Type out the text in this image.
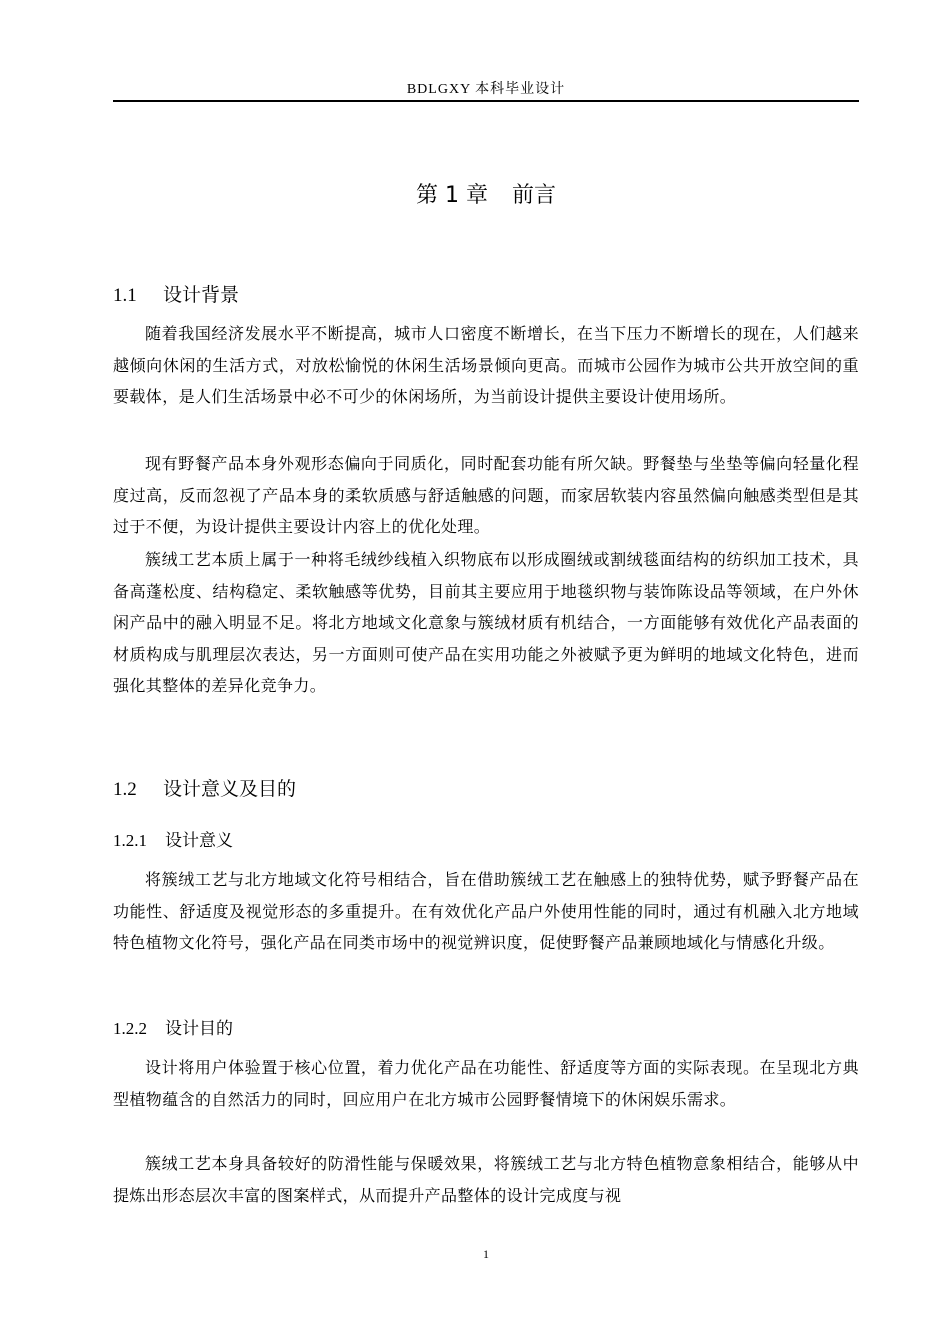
BDLGXY 本科毕业设计
第 1 章 前言
1.1 设计背景

随着我国经济发展水平不断提高，城市人口密度不断增长，在当下压力不断增长的现在，人们越来越倾向休闲的生活方式，对放松愉悦的休闲生活场景倾向更高。而城市公园作为城市公共开放空间的重要载体，是人们生活场景中必不可少的休闲场所，为当前设计提供主要设计使用场所。

现有野餐产品本身外观形态偏向于同质化，同时配套功能有所欠缺。野餐垫与坐垫等偏向轻量化程度过高，反而忽视了产品本身的柔软质感与舒适触感的问题，而家居软装内容虽然偏向触感类型但是其过于不便，为设计提供主要设计内容上的优化处理。

簇绒工艺本质上属于一种将毛绒纱线植入织物底布以形成圈绒或割绒毯面结构的纺织加工技术，具备高蓬松度、结构稳定、柔软触感等优势，目前其主要应用于地毯织物与装饰陈设品等领域，在户外休闲产品中的融入明显不足。将北方地域文化意象与簇绒材质有机结合，一方面能够有效优化产品表面的材质构成与肌理层次表达，另一方面则可使产品在实用功能之外被赋予更为鲜明的地域文化特色，进而强化其整体的差异化竞争力。

1.2 设计意义及目的
1.2.1 设计意义

将簇绒工艺与北方地域文化符号相结合，旨在借助簇绒工艺在触感上的独特优势，赋予野餐产品在功能性、舒适度及视觉形态的多重提升。在有效优化产品户外使用性能的同时，通过有机融入北方地域特色植物文化符号，强化产品在同类市场中的视觉辨识度，促使野餐产品兼顾地域化与情感化升级。

1.2.2 设计目的

设计将用户体验置于核心位置，着力优化产品在功能性、舒适度等方面的实际表现。在呈现北方典型植物蕴含的自然活力的同时，回应用户在北方城市公园野餐情境下的休闲娱乐需求。

簇绒工艺本身具备较好的防滑性能与保暖效果，将簇绒工艺与北方特色植物意象相结合，能够从中提炼出形态层次丰富的图案样式，从而提升产品整体的设计完成度与视

1
